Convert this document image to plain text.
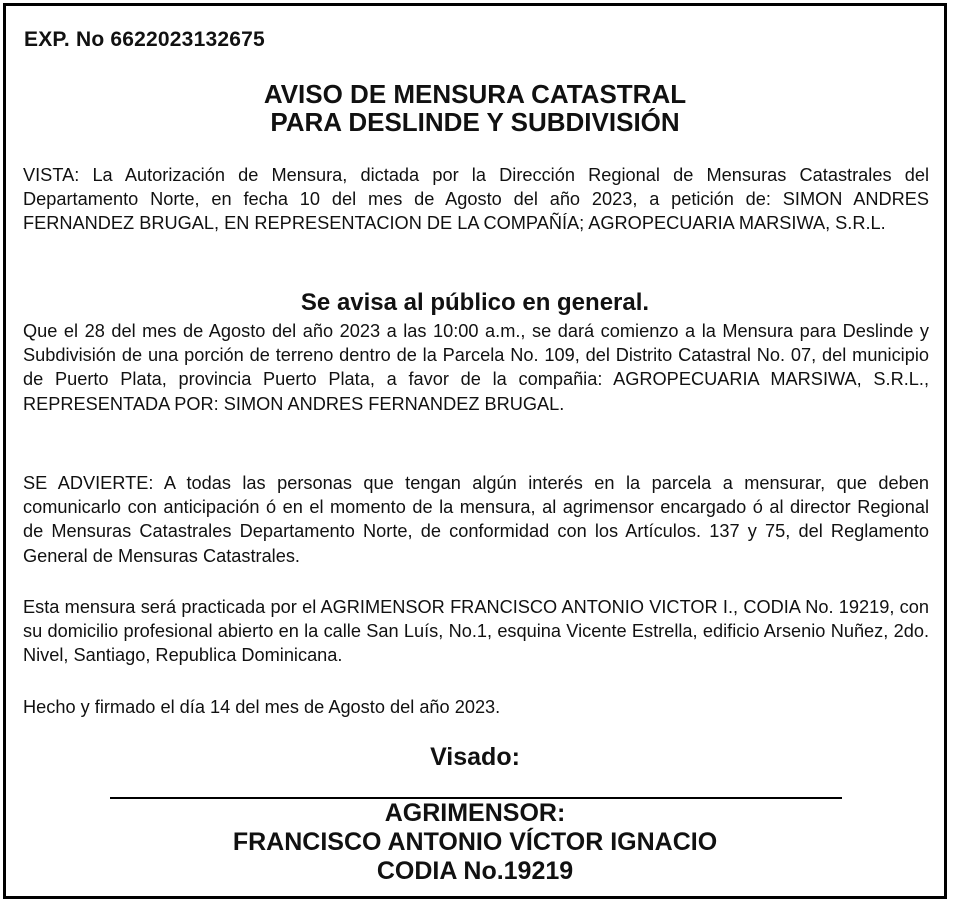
EXP. No 6622023132675
AVISO DE MENSURA CATASTRAL
PARA DESLINDE Y SUBDIVISIÓN
VISTA: La Autorización de Mensura, dictada por la Dirección Regional de Mensuras Catastrales del Departamento Norte, en fecha 10 del mes de Agosto del año 2023, a petición de: SIMON ANDRES FERNANDEZ BRUGAL, EN REPRESENTACION DE LA COMPAÑÍA; AGROPECUARIA MARSIWA, S.R.L.
Se avisa al público en general.
Que el 28 del mes de Agosto del año 2023 a las 10:00 a.m., se dará comienzo a la Mensura para Deslinde y Subdivisión de una porción de terreno dentro de la Parcela No. 109, del Distrito Catastral No. 07, del municipio de Puerto Plata, provincia Puerto Plata, a favor de la compañia: AGROPECUARIA MARSIWA, S.R.L., REPRESENTADA POR: SIMON ANDRES FERNANDEZ BRUGAL.
SE ADVIERTE: A todas las personas que tengan algún interés en la parcela a mensurar, que deben comunicarlo con anticipación ó en el momento de la mensura, al agrimensor encargado ó al director Regional de Mensuras Catastrales Departamento Norte, de conformidad con los Artículos. 137 y 75, del Reglamento General de Mensuras Catastrales.
Esta mensura será practicada por el AGRIMENSOR FRANCISCO ANTONIO VICTOR I., CODIA No. 19219, con su domicilio profesional abierto en la calle San Luís, No.1, esquina Vicente Estrella, edificio Arsenio Nuñez, 2do. Nivel, Santiago, Republica Dominicana.
Hecho y firmado el día 14 del mes de Agosto del año 2023.
Visado:
AGRIMENSOR:
FRANCISCO ANTONIO VÍCTOR IGNACIO
CODIA No.19219
